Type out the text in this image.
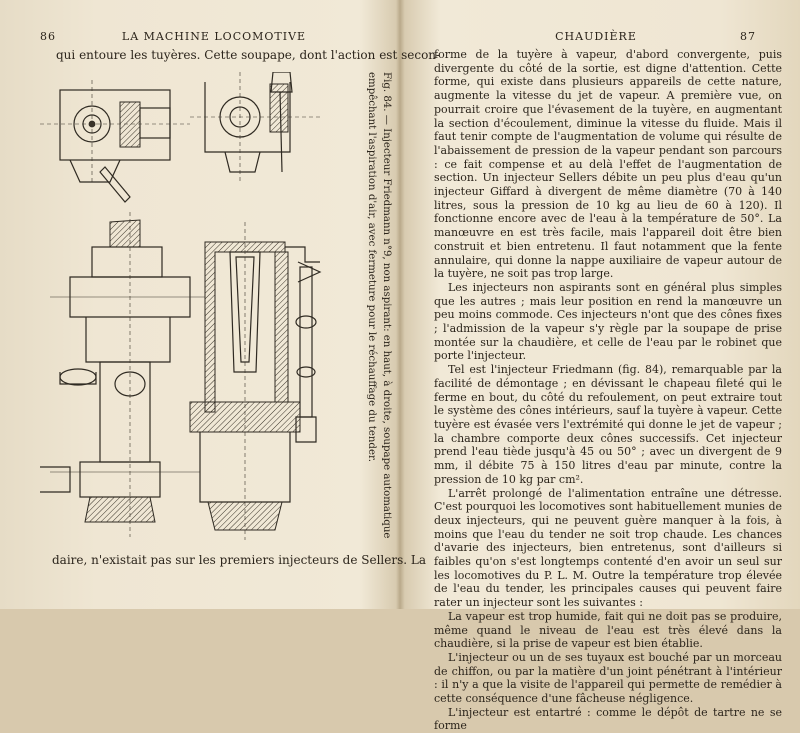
86	LA MACHINE LOCOMOTIVE
qui entoure les tuyères. Cette soupape, dont l'action est secon-
Fig. 84. — Injecteur Friedmann n°9, non aspirant: en haut, à droite, soupape automatique empêchant l'aspiration d'air, avec fermeture pour le réchauffage du tender.
daire, n'existait pas sur les premiers injecteurs de Sellers. La
CHAUDIÈRE	87

forme de la tuyère à vapeur, d'abord convergente, puis divergente du côté de la sortie, est digne d'attention. Cette forme, qui existe dans plusieurs appareils de cette nature, augmente la vitesse du jet de vapeur. A première vue, on pourrait croire que l'évasement de la tuyère, en augmentant la section d'écoulement, diminue la vitesse du fluide. Mais il faut tenir compte de l'augmentation de volume qui résulte de l'abaissement de pression de la vapeur pendant son parcours : ce fait compense et au delà l'effet de l'augmentation de section. Un injecteur Sellers débite un peu plus d'eau qu'un injecteur Giffard à divergent de même diamètre (70 à 140 litres, sous la pression de 10 kg au lieu de 60 à 120). Il fonctionne encore avec de l'eau à la température de 50°. La manœuvre en est très facile, mais l'appareil doit être bien construit et bien entretenu. Il faut notamment que la fente annulaire, qui donne la nappe auxiliaire de vapeur autour de la tuyère, ne soit pas trop large.

Les injecteurs non aspirants sont en général plus simples que les autres ; mais leur position en rend la manœuvre un peu moins commode. Ces injecteurs n'ont que des cônes fixes ; l'admission de la vapeur s'y règle par la soupape de prise montée sur la chaudière, et celle de l'eau par le robinet que porte l'injecteur.

Tel est l'injecteur Friedmann (fig. 84), remarquable par la facilité de démontage ; en dévissant le chapeau fileté qui le ferme en bout, du côté du refoulement, on peut extraire tout le système des cônes intérieurs, sauf la tuyère à vapeur. Cette tuyère est évasée vers l'extrémité qui donne le jet de vapeur ; la chambre comporte deux cônes successifs. Cet injecteur prend l'eau tiède jusqu'à 45 ou 50° ; avec un divergent de 9 mm, il débite 75 à 150 litres d'eau par minute, contre la pression de 10 kg par cm².

L'arrêt prolongé de l'alimentation entraîne une détresse. C'est pourquoi les locomotives sont habituellement munies de deux injecteurs, qui ne peuvent guère manquer à la fois, à moins que l'eau du tender ne soit trop chaude. Les chances d'avarie des injecteurs, bien entretenus, sont d'ailleurs si faibles qu'on s'est longtemps contenté d'en avoir un seul sur les locomotives du P. L. M. Outre la température trop élevée de l'eau du tender, les principales causes qui peuvent faire rater un injecteur sont les suivantes :

La vapeur est trop humide, fait qui ne doit pas se produire, même quand le niveau de l'eau est très élevé dans la chaudière, si la prise de vapeur est bien établie.

L'injecteur ou un de ses tuyaux est bouché par un morceau de chiffon, ou par la matière d'un joint pénétrant à l'intérieur : il n'y a que la visite de l'appareil qui permette de remédier à cette conséquence d'une fâcheuse négligence.

L'injecteur est entartré : comme le dépôt de tartre ne se forme
